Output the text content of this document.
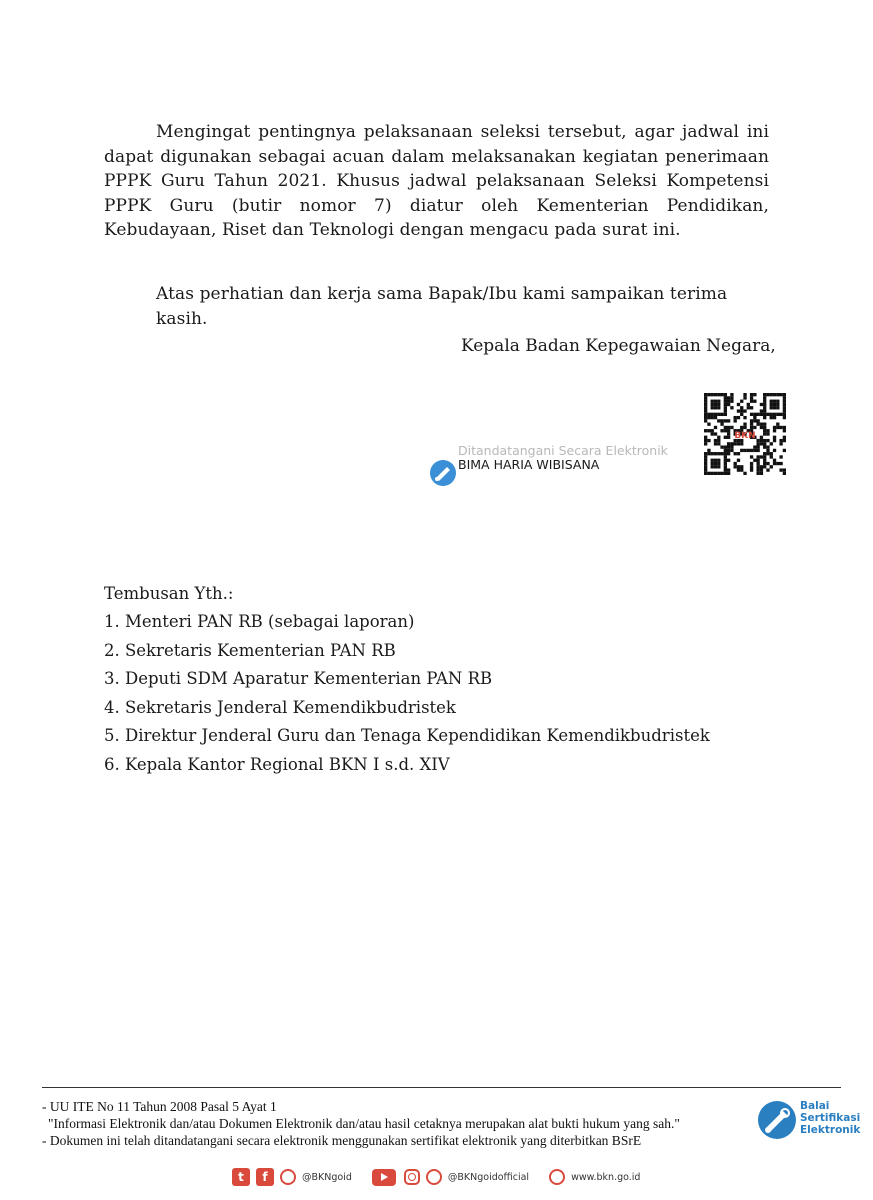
Mengingat pentingnya pelaksanaan seleksi tersebut, agar jadwal ini dapat digunakan sebagai acuan dalam melaksanakan kegiatan penerimaan PPPK Guru Tahun 2021. Khusus jadwal pelaksanaan Seleksi Kompetensi PPPK Guru (butir nomor 7) diatur oleh Kementerian Pendidikan, Kebudayaan, Riset dan Teknologi dengan mengacu pada surat ini.
Atas perhatian dan kerja sama Bapak/Ibu kami sampaikan terima kasih.
Kepala Badan Kepegawaian Negara,
Ditandatangani Secara Elektronik
BIMA HARIA WIBISANA
BKN
Tembusan Yth.:
1. Menteri PAN RB (sebagai laporan)
2. Sekretaris Kementerian PAN RB
3. Deputi SDM Aparatur Kementerian PAN RB
4. Sekretaris Jenderal Kemendikbudristek
5. Direktur Jenderal Guru dan Tenaga Kependidikan Kemendikbudristek
6. Kepala Kantor Regional BKN I s.d. XIV
- UU ITE No 11 Tahun 2008 Pasal 5 Ayat 1
"Informasi Elektronik dan/atau Dokumen Elektronik dan/atau hasil cetaknya merupakan alat bukti hukum yang sah."
- Dokumen ini telah ditandatangani secara elektronik menggunakan sertifikat elektronik yang diterbitkan BSrE
Balai
Sertifikasi
Elektronik
t	f	@BKNgoid	@BKNgoidofficial	www.bkn.go.id
